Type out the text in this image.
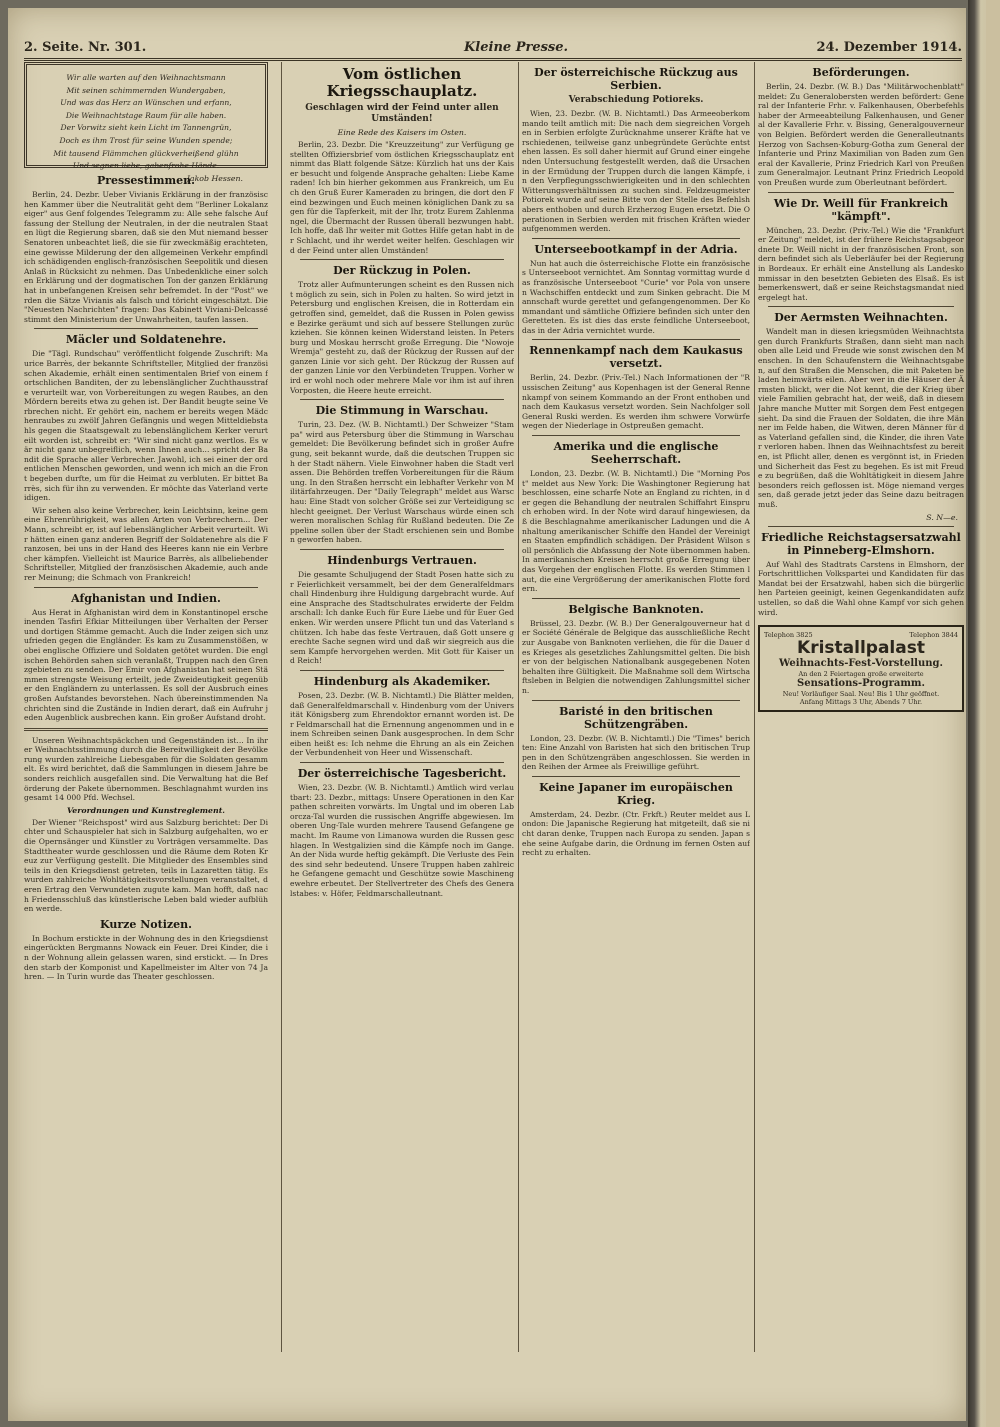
2. Seite. Nr. 301.	Kleine Presse.	24. Dezember 1914.

Wir alle warten auf den Weihnachtsmann

Mit seinen schimmernden Wundergaben,

Und was das Herz an Wünschen und erfann,

Die Weihnachtstage Raum für alle haben.

Der Vorwitz sieht kein Licht im Tannengrün,

Doch es ihm Trost für seine Wunden spende;

Mit tausend Flämmchen glückverheißend glühn

Und segnen liebe, gabenfrohe Hände.

Jakob Hessen.
Pressestimmen.

Berlin, 24. Dezbr. Ueber Vivianis Erklärung in der französischen Kammer über die Neutralität geht dem "Berliner Lokalanzeiger" aus Genf folgendes Telegramm zu: Alle sehe falsche Auffassung der Stellung der Neutralen, in der die neutralen Staaten lügt die Regierung sbaren, daß sie den Mut niemand besser Senatoren unbeachtet ließ, die sie für zweckmäßig erachteten, eine gewisse Milderung der den allgemeinen Verkehr empfindlich schädigenden englisch-französischen Seepolitik und diesen Anlaß in Rücksicht zu nehmen. Das Unbedenkliche einer solchen Erklärung und der dogmatischen Ton der ganzen Erklärung hat in unbefangenen Kreisen sehr befremdet. In der "Post" werden die Sätze Vivianis als falsch und töricht eingeschätzt. Die "Neuesten Nachrichten" fragen: Das Kabinett Viviani-Delcassé stimmt den Ministerium der Unwahrheiten, taufen lassen.

Mäcler und Soldatenehre.

Die "Tägl. Rundschau" veröffentlicht folgende Zuschrift: Maurice Barrès, der bekannte Schriftsteller, Mitglied der französischen Akademie, erhält einen sentimentalen Brief von einem fortschlichen Banditen, der zu lebenslänglicher Zuchthausstrafe verurteilt war, von Vorbereitungen zu wegen Raubes, an den Mördern bereits etwa zu gehen ist. Der Bandit beugte seine Verbrechen nicht. Er gehört ein, nachem er bereits wegen Mädchenraubes zu zwölf Jahren Gefängnis und wegen Mitteldiebstahls gegen die Staatsgewalt zu lebenslänglichem Kerker verurteilt worden ist, schreibt er: "Wir sind nicht ganz wertlos. Es wär nicht ganz unbegreiflich, wenn Ihnen auch... spricht der Bandit die Sprache aller Verbrecher. Jawohl, ich sei einer der ordentlichen Menschen geworden, und wenn ich mich an die Front begeben durfte, um für die Heimat zu verbluten. Er bittet Barrès, sich für ihn zu verwenden. Er möchte das Vaterland verteidigen.

Wir sehen also keine Verbrecher, kein Leichtsinn, keine gemeine Ehrenrührigkeit, was allen Arten von Verbrechern... Der Mann, schreibt er, ist auf lebenslänglicher Arbeit verurteilt. Wir hätten einen ganz anderen Begriff der Soldatenehre als die Franzosen, bei uns in der Hand des Heeres kann nie ein Verbrecher kämpfen. Vielleicht ist Maurice Barrès, als allbeliebender Schriftsteller, Mitglied der französischen Akademie, auch anderer Meinung; die Schmach von Frankreich!

Afghanistan und Indien.

Aus Herat in Afghanistan wird dem in Konstantinopel erscheinenden Tasfiri Efkiar Mitteilungen über Verhalten der Perser und dortigen Stämme gemacht. Auch die Inder zeigen sich unzufrieden gegen die Engländer. Es kam zu Zusammenstößen, wobei englische Offiziere und Soldaten getötet wurden. Die englischen Behörden sahen sich veranlaßt, Truppen nach den Grenzgebieten zu senden. Der Emir von Afghanistan hat seinen Stämmen strengste Weisung erteilt, jede Zweideutigkeit gegenüber den Engländern zu unterlassen. Es soll der Ausbruch eines großen Aufstandes bevorstehen. Nach übereinstimmenden Nachrichten sind die Zustände in Indien derart, daß ein Aufruhr jeden Augenblick ausbrechen kann. Ein großer Aufstand droht.

Unseren Weihnachtspäckchen und Gegenständen ist... In ihrer Weihnachtsstimmung durch die Bereitwilligkeit der Bevölkerung wurden zahlreiche Liebesgaben für die Soldaten gesammelt. Es wird berichtet, daß die Sammlungen in diesem Jahre besonders reichlich ausgefallen sind. Die Verwaltung hat die Beförderung der Pakete übernommen. Beschlagnahmt wurden insgesamt 14 000 Pfd. Wechsel.

Verordnungen und Kunstreglement.

Der Wiener "Reichspost" wird aus Salzburg berichtet: Der Dichter und Schauspieler hat sich in Salzburg aufgehalten, wo er die Opernsänger und Künstler zu Vorträgen versammelte. Das Stadttheater wurde geschlossen und die Räume dem Roten Kreuz zur Verfügung gestellt. Die Mitglieder des Ensembles sind teils in den Kriegsdienst getreten, teils in Lazaretten tätig. Es wurden zahlreiche Wohltätigkeitsvorstellungen veranstaltet, deren Ertrag den Verwundeten zugute kam. Man hofft, daß nach Friedensschluß das künstlerische Leben bald wieder aufblühen werde.

Kurze Notizen.

In Bochum erstickte in der Wohnung des in den Kriegsdienst eingerückten Bergmanns Nowack ein Feuer. Drei Kinder, die in der Wohnung allein gelassen waren, sind erstickt. — In Dresden starb der Komponist und Kapellmeister im Alter von 74 Jahren. — In Turin wurde das Theater geschlossen.

Vom östlichen Kriegsschauplatz.
Geschlagen wird der Feind unter allen Umständen!
Eine Rede des Kaisers im Osten.

Berlin, 23. Dezbr. Die "Kreuzzeitung" zur Verfügung gestellten Offiziersbrief vom östlichen Kriegsschauplatz entnimmt das Blatt folgende Sätze: Kürzlich hat uns der Kaiser besucht und folgende Ansprache gehalten: Liebe Kameraden! Ich bin hierher gekommen aus Frankreich, um Euch den Gruß Eurer Kameraden zu bringen, die dort den Feind bezwingen und Euch meinen königlichen Dank zu sagen für die Tapferkeit, mit der Ihr, trotz Eurem Zahlenmangel, die Übermacht der Russen überall bezwungen habt. Ich hoffe, daß Ihr weiter mit Gottes Hilfe getan habt in der Schlacht, und ihr werdet weiter helfen. Geschlagen wird der Feind unter allen Umständen!

Der Rückzug in Polen.

Trotz aller Aufmunterungen scheint es den Russen nicht möglich zu sein, sich in Polen zu halten. So wird jetzt in Petersburg und englischen Kreisen, die in Rotterdam eingetroffen sind, gemeldet, daß die Russen in Polen gewisse Bezirke geräumt und sich auf bessere Stellungen zurückziehen. Sie können keinen Widerstand leisten. In Petersburg und Moskau herrscht große Erregung. Die "Nowoje Wremja" gesteht zu, daß der Rückzug der Russen auf der ganzen Linie vor sich geht. Der Rückzug der Russen auf der ganzen Linie vor den Verbündeten Truppen. Vorher wird er wohl noch oder mehrere Male vor ihm ist auf ihren Vorposten, die Heere heute erreicht.

Die Stimmung in Warschau.

Turin, 23. Dez. (W. B. Nichtamtl.) Der Schweizer "Stampa" wird aus Petersburg über die Stimmung in Warschau gemeldet: Die Bevölkerung befindet sich in großer Aufregung, seit bekannt wurde, daß die deutschen Truppen sich der Stadt nähern. Viele Einwohner haben die Stadt verlassen. Die Behörden treffen Vorbereitungen für die Räumung. In den Straßen herrscht ein lebhafter Verkehr von Militärfahrzeugen. Der "Daily Telegraph" meldet aus Warschau: Eine Stadt von solcher Größe sei zur Verteidigung schlecht geeignet. Der Verlust Warschaus würde einen schweren moralischen Schlag für Rußland bedeuten. Die Zeppeline sollen über der Stadt erschienen sein und Bomben geworfen haben.

Hindenburgs Vertrauen.

Die gesamte Schuljugend der Stadt Posen hatte sich zur Feierlichkeit versammelt, bei der dem Generalfeldmarschall Hindenburg ihre Huldigung dargebracht wurde. Auf eine Ansprache des Stadtschulrates erwiderte der Feldmarschall: Ich danke Euch für Eure Liebe und für Euer Gedenken. Wir werden unsere Pflicht tun und das Vaterland schützen. Ich habe das feste Vertrauen, daß Gott unsere gerechte Sache segnen wird und daß wir siegreich aus diesem Kampfe hervorgehen werden. Mit Gott für Kaiser und Reich!

Hindenburg als Akademiker.

Posen, 23. Dezbr. (W. B. Nichtamtl.) Die Blätter melden, daß Generalfeldmarschall v. Hindenburg vom der Universität Königsberg zum Ehrendoktor ernannt worden ist. Der Feldmarschall hat die Ernennung angenommen und in einem Schreiben seinen Dank ausgesprochen. In dem Schreiben heißt es: Ich nehme die Ehrung an als ein Zeichen der Verbundenheit von Heer und Wissenschaft.

Der österreichische Tagesbericht.

Wien, 23. Dezbr. (W. B. Nichtamtl.) Amtlich wird verlautbart: 23. Dezbr., mittags: Unsere Operationen in den Karpathen schreiten vorwärts. Im Ungtal und im oberen Laborcza-Tal wurden die russischen Angriffe abgewiesen. Im oberen Ung-Tale wurden mehrere Tausend Gefangene gemacht. Im Raume von Limanowa wurden die Russen geschlagen. In Westgalizien sind die Kämpfe noch im Gange. An der Nida wurde heftig gekämpft. Die Verluste des Feindes sind sehr bedeutend. Unsere Truppen haben zahlreiche Gefangene gemacht und Geschütze sowie Maschinengewehre erbeutet. Der Stellvertreter des Chefs des Generalstabes: v. Höfer, Feldmarschalleutnant.

Der österreichische Rückzug aus Serbien.
Verabschiedung Potioreks.

Wien, 23. Dezbr. (W. B. Nichtamtl.) Das Armeeoberkommando teilt amtlich mit: Die nach dem siegreichen Vorgehen in Serbien erfolgte Zurücknahme unserer Kräfte hat verschiedenen, teilweise ganz unbegründete Gerüchte entstehen lassen. Es soll daher hiermit auf Grund einer eingehenden Untersuchung festgestellt werden, daß die Ursachen in der Ermüdung der Truppen durch die langen Kämpfe, in den Verpflegungsschwierigkeiten und in den schlechten Witterungsverhältnissen zu suchen sind. Feldzeugmeister Potiorek wurde auf seine Bitte von der Stelle des Befehlshabers enthoben und durch Erzherzog Eugen ersetzt. Die Operationen in Serbien werden mit frischen Kräften wieder aufgenommen werden.

Unterseebootkampf in der Adria.

Nun hat auch die österreichische Flotte ein französisches Unterseeboot vernichtet. Am Sonntag vormittag wurde das französische Unterseeboot "Curie" vor Pola von unseren Wachschiffen entdeckt und zum Sinken gebracht. Die Mannschaft wurde gerettet und gefangengenommen. Der Kommandant und sämtliche Offiziere befinden sich unter den Geretteten. Es ist dies das erste feindliche Unterseeboot, das in der Adria vernichtet wurde.

Rennenkampf nach dem Kaukasus versetzt.

Berlin, 24. Dezbr. (Priv.-Tel.) Nach Informationen der "Russischen Zeitung" aus Kopenhagen ist der General Rennenkampf von seinem Kommando an der Front enthoben und nach dem Kaukasus versetzt worden. Sein Nachfolger soll General Ruski werden. Es werden ihm schwere Vorwürfe wegen der Niederlage in Ostpreußen gemacht.

Amerika und die englische Seeherrschaft.

London, 23. Dezbr. (W. B. Nichtamtl.) Die "Morning Post" meldet aus New York: Die Washingtoner Regierung hat beschlossen, eine scharfe Note an England zu richten, in der gegen die Behandlung der neutralen Schiffahrt Einspruch erhoben wird. In der Note wird darauf hingewiesen, daß die Beschlagnahme amerikanischer Ladungen und die Anhaltung amerikanischer Schiffe den Handel der Vereinigten Staaten empfindlich schädigen. Der Präsident Wilson soll persönlich die Abfassung der Note übernommen haben. In amerikanischen Kreisen herrscht große Erregung über das Vorgehen der englischen Flotte. Es werden Stimmen laut, die eine Vergrößerung der amerikanischen Flotte fordern.

Belgische Banknoten.

Brüssel, 23. Dezbr. (W. B.) Der Generalgouverneur hat der Société Générale de Belgique das ausschließliche Recht zur Ausgabe von Banknoten verliehen, die für die Dauer des Krieges als gesetzliches Zahlungsmittel gelten. Die bisher von der belgischen Nationalbank ausgegebenen Noten behalten ihre Gültigkeit. Die Maßnahme soll dem Wirtschaftsleben in Belgien die notwendigen Zahlungsmittel sichern.

Baristé in den britischen Schützengräben.

London, 23. Dezbr. (W. B. Nichtamtl.) Die "Times" berichten: Eine Anzahl von Baristen hat sich den britischen Truppen in den Schützengräben angeschlossen. Sie werden in den Reihen der Armee als Freiwillige geführt.

Keine Japaner im europäischen Krieg.

Amsterdam, 24. Dezbr. (Ctr. Frkft.) Reuter meldet aus London: Die Japanische Regierung hat mitgeteilt, daß sie nicht daran denke, Truppen nach Europa zu senden. Japan sehe seine Aufgabe darin, die Ordnung im fernen Osten aufrecht zu erhalten.

Beförderungen.

Berlin, 24. Dezbr. (W. B.) Das "Militärwochenblatt" meldet: Zu Generalobersten werden befördert: General der Infanterie Frhr. v. Falkenhausen, Oberbefehlshaber der Armeeabteilung Falkenhausen, und General der Kavallerie Frhr. v. Bissing, Generalgouverneur von Belgien. Befördert werden die Generalleutnants Herzog von Sachsen-Koburg-Gotha zum General der Infanterie und Prinz Maximilian von Baden zum General der Kavallerie, Prinz Friedrich Karl von Preußen zum Generalmajor. Leutnant Prinz Friedrich Leopold von Preußen wurde zum Oberleutnant befördert.

Wie Dr. Weill für Frankreich "kämpft".

München, 23. Dezbr. (Priv.-Tel.) Wie die "Frankfurter Zeitung" meldet, ist der frühere Reichstagsabgeordnete Dr. Weill nicht in der französischen Front, sondern befindet sich als Ueberläufer bei der Regierung in Bordeaux. Er erhält eine Anstellung als Landeskommissar in den besetzten Gebieten des Elsaß. Es ist bemerkenswert, daß er seine Reichstagsmandat niedergelegt hat.

Der Aermsten Weihnachten.

Wandelt man in diesen kriegsmüden Weihnachtstagen durch Frankfurts Straßen, dann sieht man nach oben alle Leid und Freude wie sonst zwischen den Menschen. In den Schaufenstern die Weihnachtsgaben, auf den Straßen die Menschen, die mit Paketen beladen heimwärts eilen. Aber wer in die Häuser der Ärmsten blickt, wer die Not kennt, die der Krieg über viele Familien gebracht hat, der weiß, daß in diesem Jahre manche Mutter mit Sorgen dem Fest entgegensieht. Da sind die Frauen der Soldaten, die ihre Männer im Felde haben, die Witwen, deren Männer für das Vaterland gefallen sind, die Kinder, die ihren Vater verloren haben. Ihnen das Weihnachtsfest zu bereiten, ist Pflicht aller, denen es vergönnt ist, in Frieden und Sicherheit das Fest zu begehen. Es ist mit Freude zu begrüßen, daß die Wohltätigkeit in diesem Jahre besonders reich geflossen ist. Möge niemand vergessen, daß gerade jetzt jeder das Seine dazu beitragen muß.

S. N—e.
Friedliche Reichstagsersatzwahl in Pinneberg-Elmshorn.

Auf Wahl des Stadtrats Carstens in Elmshorn, der Fortschrittlichen Volkspartei und Kandidaten für das Mandat bei der Ersatzwahl, haben sich die bürgerlichen Parteien geeinigt, keinen Gegenkandidaten aufzustellen, so daß die Wahl ohne Kampf vor sich gehen wird.

Telephon 3825	Telephon 3844
Kristallpalast
Weihnachts-Fest-Vorstellung.
An den 2 Feiertagen große erweiterte
Sensations-Programm.
Neu! Vorläufiger Saal. Neu! Bis 1 Uhr geöffnet.
Anfang Mittags 3 Uhr, Abends 7 Uhr.
